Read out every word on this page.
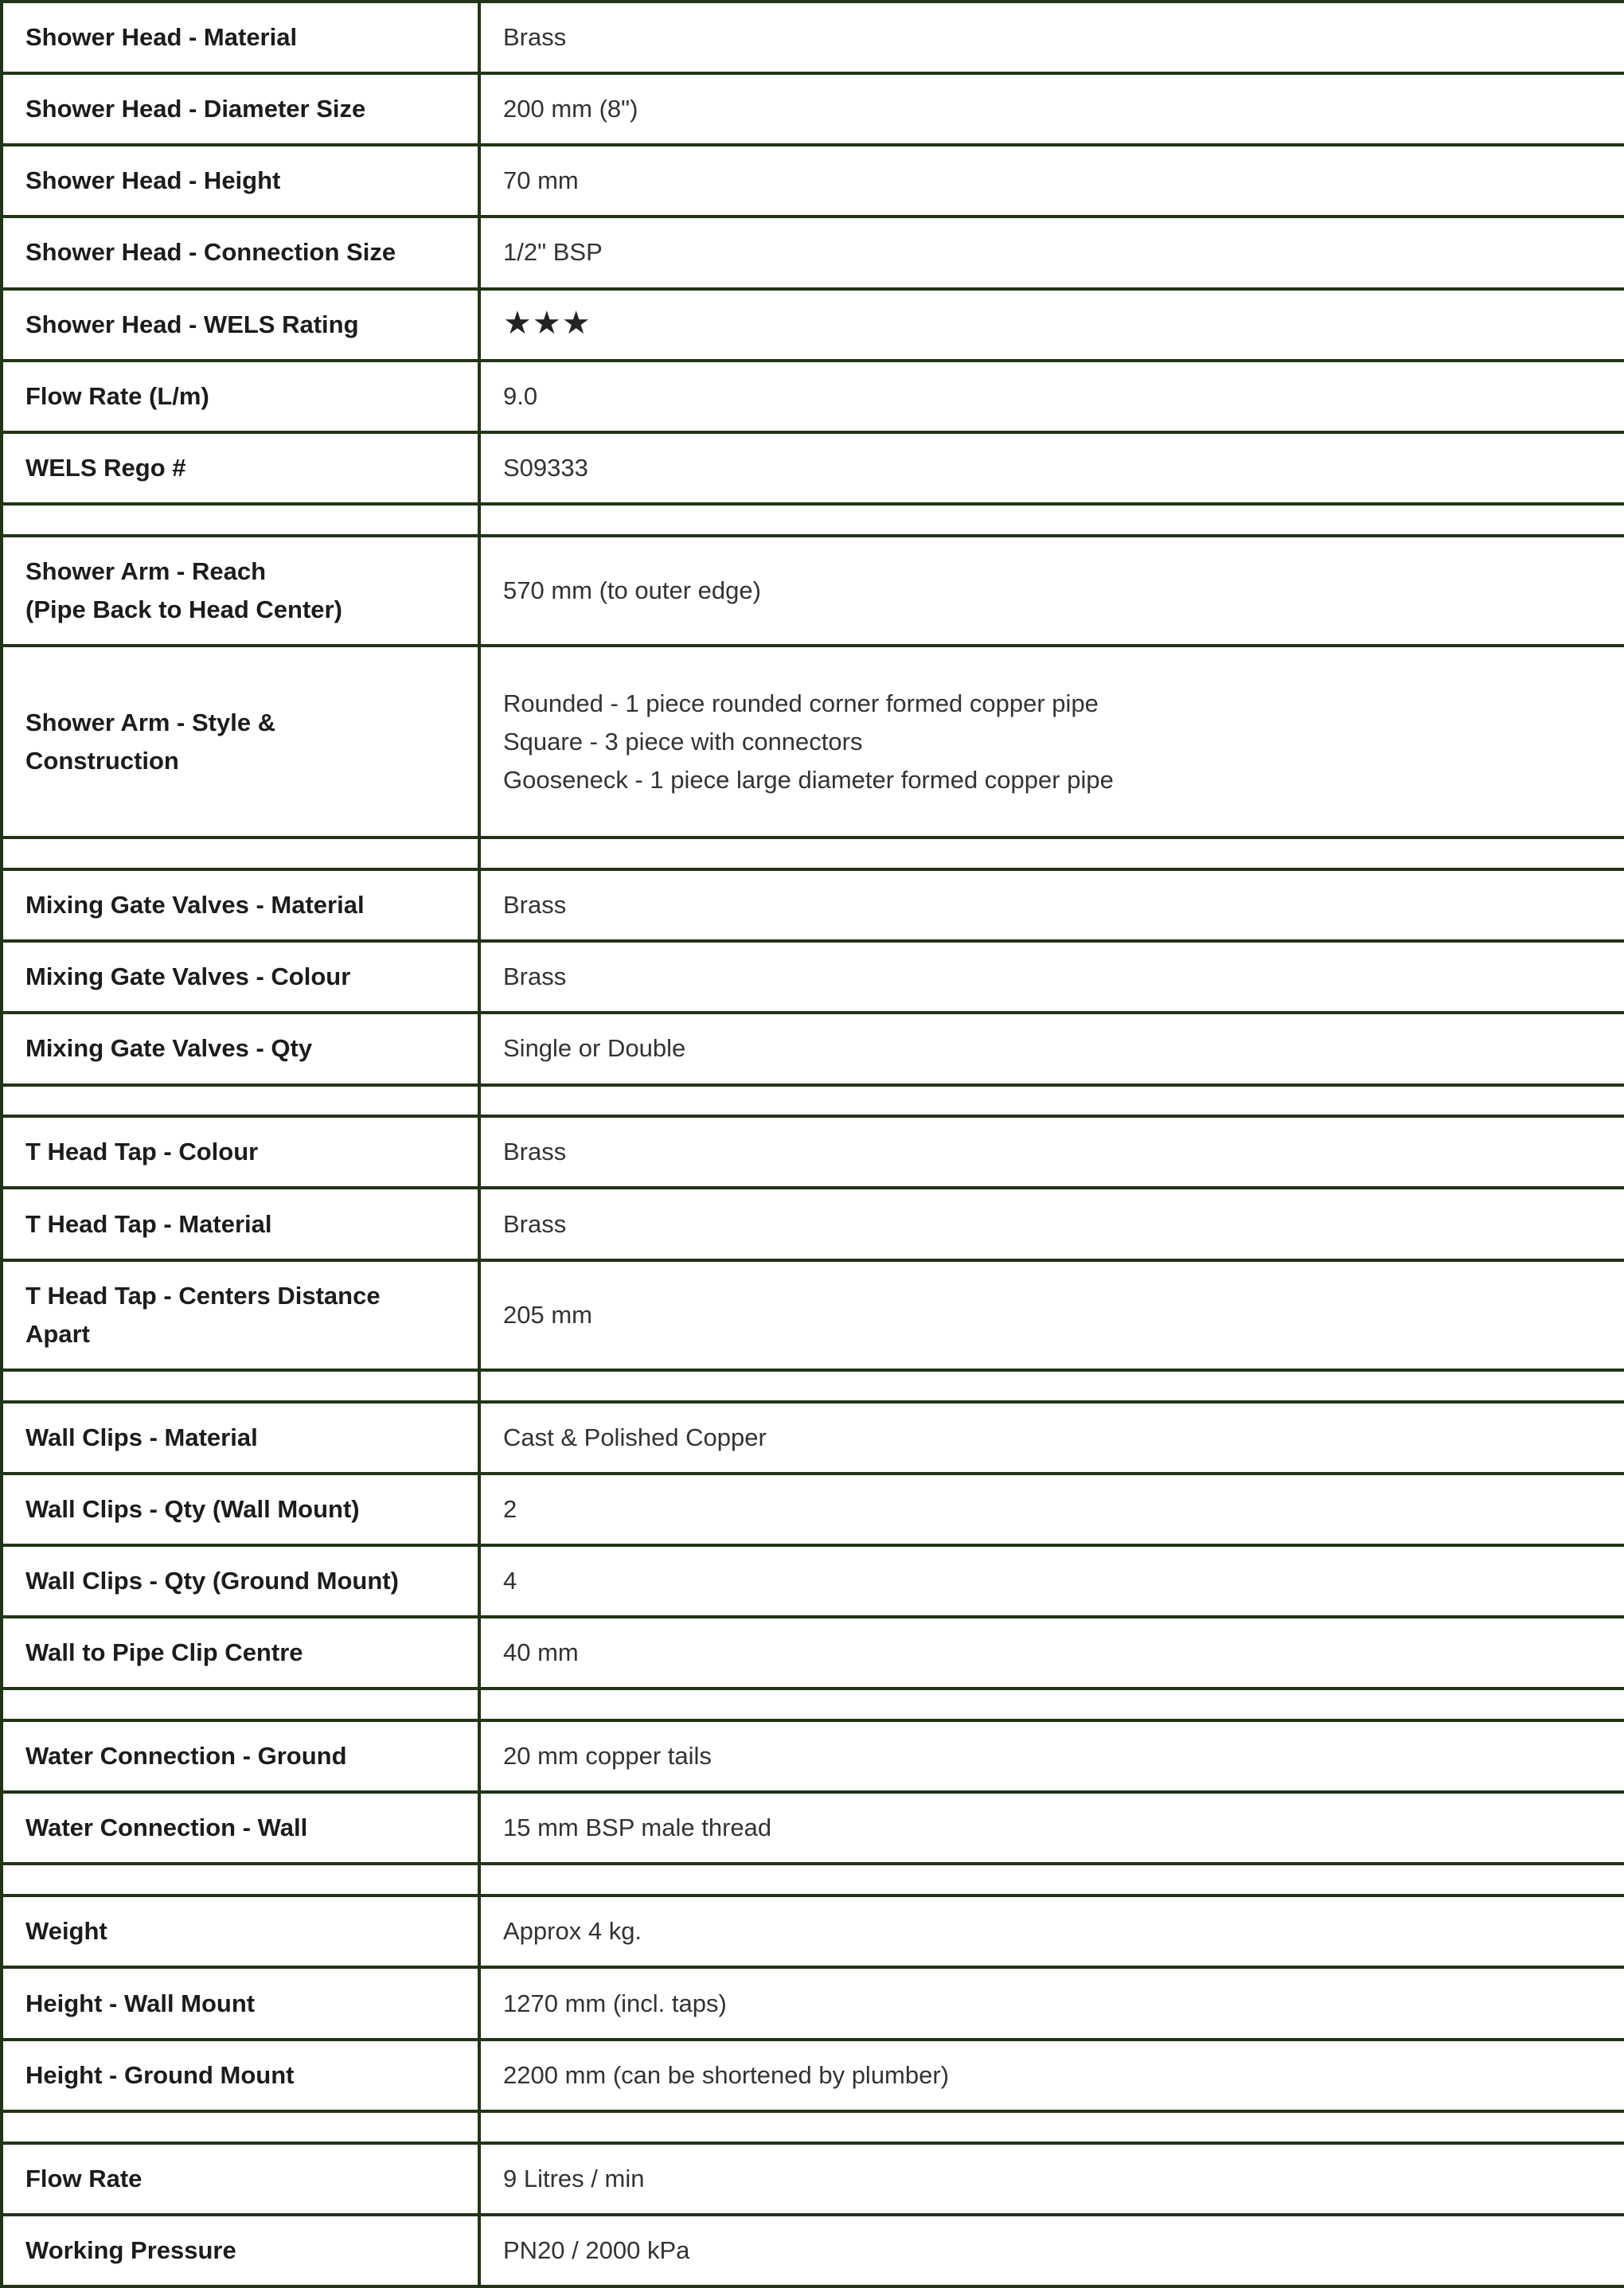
Shower Head - Material	Brass
Shower Head - Diameter Size	200 mm (8")
Shower Head - Height	70 mm
Shower Head - Connection Size	1/2" BSP
Shower Head - WELS Rating	★★★
Flow Rate (L/m)	9.0
WELS Rego #	S09333

Shower Arm - Reach
(Pipe Back to Head Center)	570 mm (to outer edge)

Shower Arm - Style &
Construction	Rounded - 1 piece rounded corner formed copper pipe
Square - 3 piece with connectors
Gooseneck - 1 piece large diameter formed copper pipe

Mixing Gate Valves - Material	Brass
Mixing Gate Valves - Colour	Brass
Mixing Gate Valves - Qty	Single or Double

T Head Tap - Colour	Brass
T Head Tap - Material	Brass

T Head Tap - Centers Distance
Apart	205 mm

Wall Clips - Material	Cast & Polished Copper
Wall Clips - Qty (Wall Mount)	2
Wall Clips - Qty (Ground Mount)	4
Wall to Pipe Clip Centre	40 mm

Water Connection - Ground	20 mm copper tails
Water Connection - Wall	15 mm BSP male thread

Weight	Approx 4 kg.
Height - Wall Mount	1270 mm (incl. taps)
Height - Ground Mount	2200 mm (can be shortened by plumber)

Flow Rate	9 Litres / min
Working Pressure	PN20 / 2000 kPa
